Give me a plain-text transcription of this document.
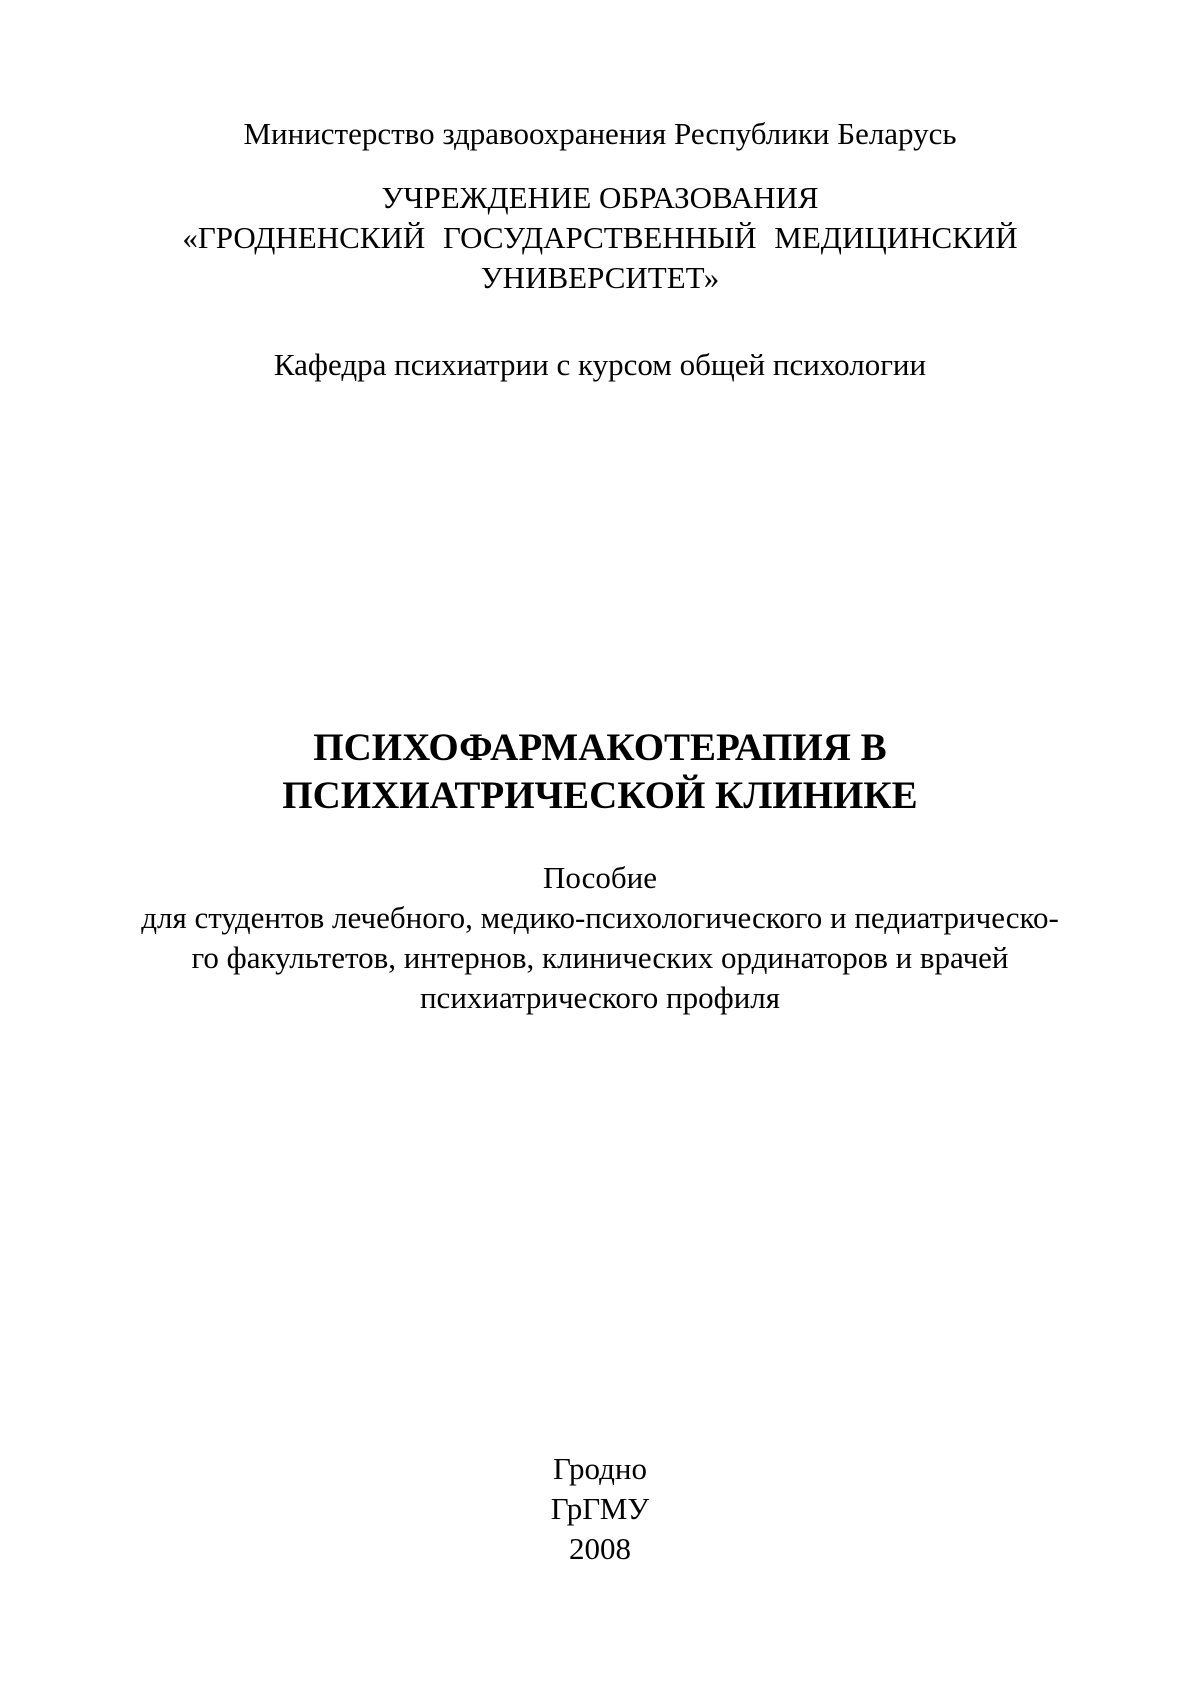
Министерство здравоохранения Республики Беларусь
УЧРЕЖДЕНИЕ ОБРАЗОВАНИЯ
«ГРОДНЕНСКИЙ ГОСУДАРСТВЕННЫЙ МЕДИЦИНСКИЙ
УНИВЕРСИТЕТ»
Кафедра психиатрии с курсом общей психологии
ПСИХОФАРМАКОТЕРАПИЯ В
ПСИХИАТРИЧЕСКОЙ КЛИНИКЕ
Пособие
для студентов лечебного, медико-психологического и педиатрическо-
го факультетов, интернов, клинических ординаторов и врачей
психиатрического профиля
Гродно
ГрГМУ
2008
